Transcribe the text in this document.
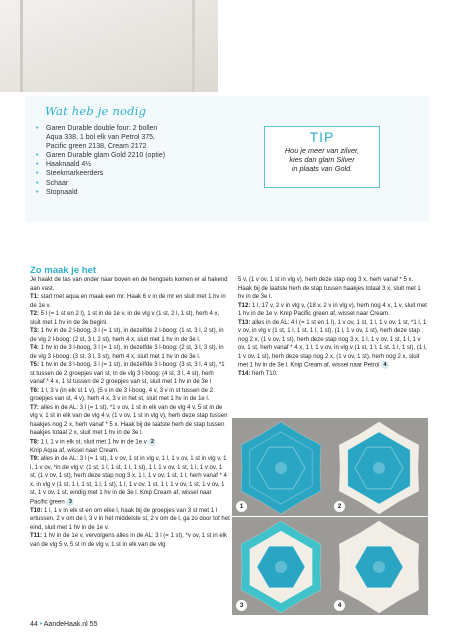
Wat heb je nodig
• Garen Durable double four: 2 bollen
Aqua 338, 1 bol elk van Petrol 375,
Pacific green 2138, Cream 2172
• Garen Durable glam Gold 2210 (optie)
• Haaknaald 4½
• Steekmarkeerders
• Schaar
• Stopnaald
TIP
Hou je meer van zilver,
kies dan glam Silver
in plaats van Gold.
Zo maak je het

Je haakt de tas van onder naar boven en de hengsels komen er al hakend aan vast.

T1: start met aqua en maak een mr. Haak 6 v in de mr en sluit met 1 hv in de 1e v.

T2: 5 l (= 1 st en 2 l), 1 st in de 1e v, in de vlg v (1 st, 2 l, 1 st), herh 4 x, sluit met 1 hv in de 3e beginl.

T3: 1 hv in de 2 l-boog, 3 l (= 1 st), in dezelfde 2 l-boog: (1 st, 3 l, 2 st), in de vlg 2 l-boog: (2 st, 3 l, 2 st), herh 4 x, sluit met 1 hv in de 3e l.

T4: 1 hv in de 3 l-boog, 3 l (= 1 st), in dezelfde 3 l-boog: (2 st, 3 l, 3 st), in de vlg 3 l-boog: (3 st, 3 l, 3 st), herh 4 x, sluit met 1 hv in de 3e l.

T5: 1 hv in de 3 l-boog, 3 l (= 1 st), in dezelfde 3 l-boog: (3 st, 3 l, 4 st), *1 st tussen de 2 groepjes van st, in de vlg 3 l-boog: (4 st, 3 l, 4 st), herh vanaf * 4 x, 1 st tussen de 2 groepjes van st, sluit met 1 hv in de 3e l

T6: 1 l, 3 v (in elk st 1 v), (5 v in de 3 l-boog, 4 v, 3 v in st tussen de 2 groepjes van st, 4 v), herh 4 x, 3 v in het st, sluit met 1 hv in de 1e l.

T7: alles in de AL: 3 l (= 1 st), *1 v ov, 1 st in elk van de vlg 4 v, 5 st in de vlg v, 1 st in elk van de vlg 4 v, (1 v ov, 1 st in vlg v), herh deze stap tussen haakjes nog 2 x, herh vanaf * 5 x. Haak bij de laatste herh de stap tussen haakjes totaal 2 x, sluit met 1 hv in de 3e l.

T8: 1 l, 1 v in elk st, sluit met 1 hv in de 1e v 2
Knip Aqua af, wissel naar Cream.

T9: alles in de AL: 3 l (= 1 st), 1 v ov, 1 st in vlg v, 1 l, 1 v ov, 1 st in vlg v, 1 l, 1 v ov, *in de vlg v: (1 st, 1 l, 1 st, 1 l, 1 st), 1 l, 1 v ov, 1 st, 1 l, 1 v ov, 1 st, (1 v ov, 1 st), herh deze stap nog 3 x, 1 l, 1 v ov, 1 st, 1 l, herh vanaf * 4 x, in vlg v (1 st, 1 l, 1 st, 1 l, 1 st), 1 l, 1 v ov, 1 st, 1 l, 1 v ov, 1 st, 1 v ov, 1 st, 1 v ov, 1 st, eindig met 1 hv in de 3e l. Knip Cream af, wissel naar Pacific green 3

T10: 1 l, 1 v in elk st en om elke l, haak bij de groepjes van 3 st met 1 l ertussen, 2 v om de l, 3 v in het middelste st, 2 v om de l, ga zo door tot het eind, sluit met 1 hv in de 1e v.

T11: 1 hv in de 1e v, vervolgens alles in de AL: 3 l (= 1 st), *v ov, 1 st in elk van de vlg 5 v, 5 st in de vlg v, 1 st in elk van de vlg

5 v, (1 v ov, 1 st in vlg v), herh deze stap nog 3 x, herh vanaf * 5 x. Haak bij de laatste herh de stap tussen haakjes totaal 3 x, sluit met 1 hv in de 3e l.

T12: 1 l, 17 v, 2 v in vlg v, (18 v, 2 v in vlg v), herh nog 4 x, 1 v, sluit met 1 hv in de 1e v. Knip Pacific green af, wissel naar Cream.

T13: alles in de AL: 4 l (= 1 st en 1 l), 1 v ov, 1 st, 1 l, 1 v ov, 1 st, *1 l, 1 v ov, in vlg v (1 st, 1 l, 1 st, 1 l, 1 st), (1 l, 1 v ov, 1 st), herh deze stap nog 2 x, (1 v ov, 1 st), herh deze stap nog 3 x, 1 l, 1 v ov, 1 st, 1 l, 1 v ov, 1 st, herh vanaf * 4 x, 1 l, 1 v ov, in vlg v (1 st, 1 l, 1 st, 1 l, 1 st), (1 l, 1 v ov, 1 st), herh deze stap nog 2 x, (1 v ov, 1 st), herh nog 2 x, sluit met 1 hv in de 3e l. Knip Cream af, wissel naar Petrol 4

T14: herh T10.

1	2
3	4
44 • AandeHaak.nl 55
